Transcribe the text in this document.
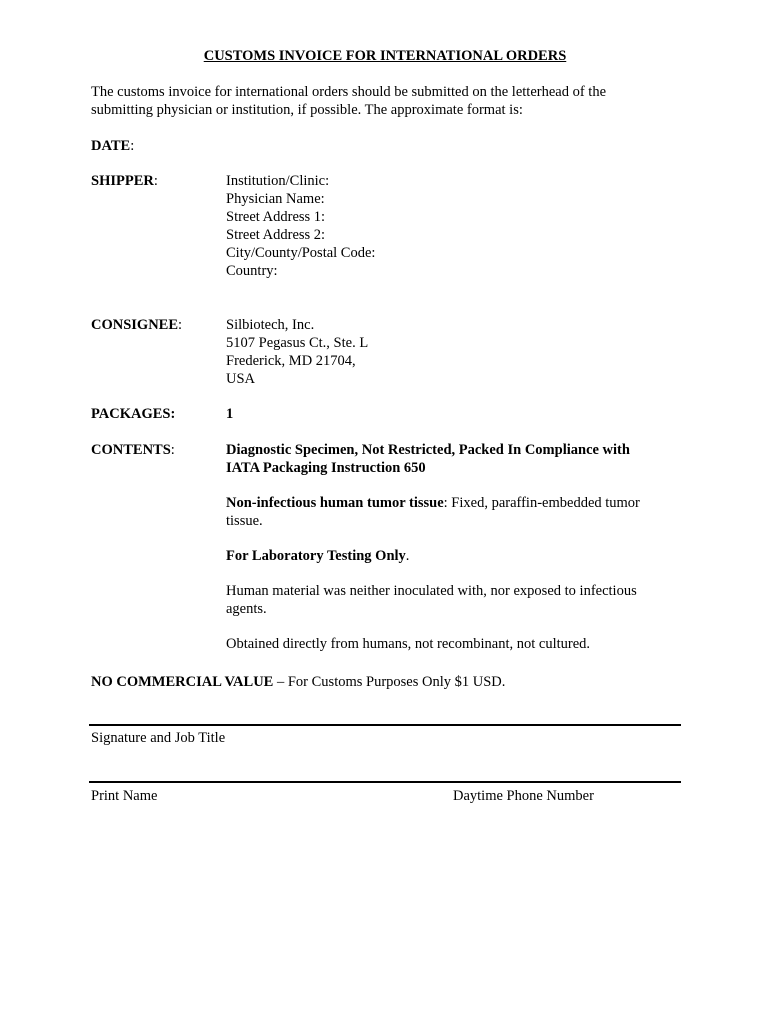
CUSTOMS INVOICE FOR INTERNATIONAL ORDERS
The customs invoice for international orders should be submitted on the letterhead of the submitting physician or institution, if possible. The approximate format is:
DATE:
SHIPPER:	Institution/Clinic:
Physician Name:
Street Address 1:
Street Address 2:
City/County/Postal Code:
Country:
CONSIGNEE:	Silbiotech, Inc.
5107 Pegasus Ct., Ste. L
Frederick, MD 21704,
USA
PACKAGES:	1
CONTENTS:	Diagnostic Specimen, Not Restricted, Packed In Compliance with IATA Packaging Instruction 650

Non-infectious human tumor tissue: Fixed, paraffin-embedded tumor tissue.

For Laboratory Testing Only.

Human material was neither inoculated with, nor exposed to infectious agents.

Obtained directly from humans, not recombinant, not cultured.

NO COMMERCIAL VALUE – For Customs Purposes Only $1 USD.
Signature and Job Title
Print Name	Daytime Phone Number
